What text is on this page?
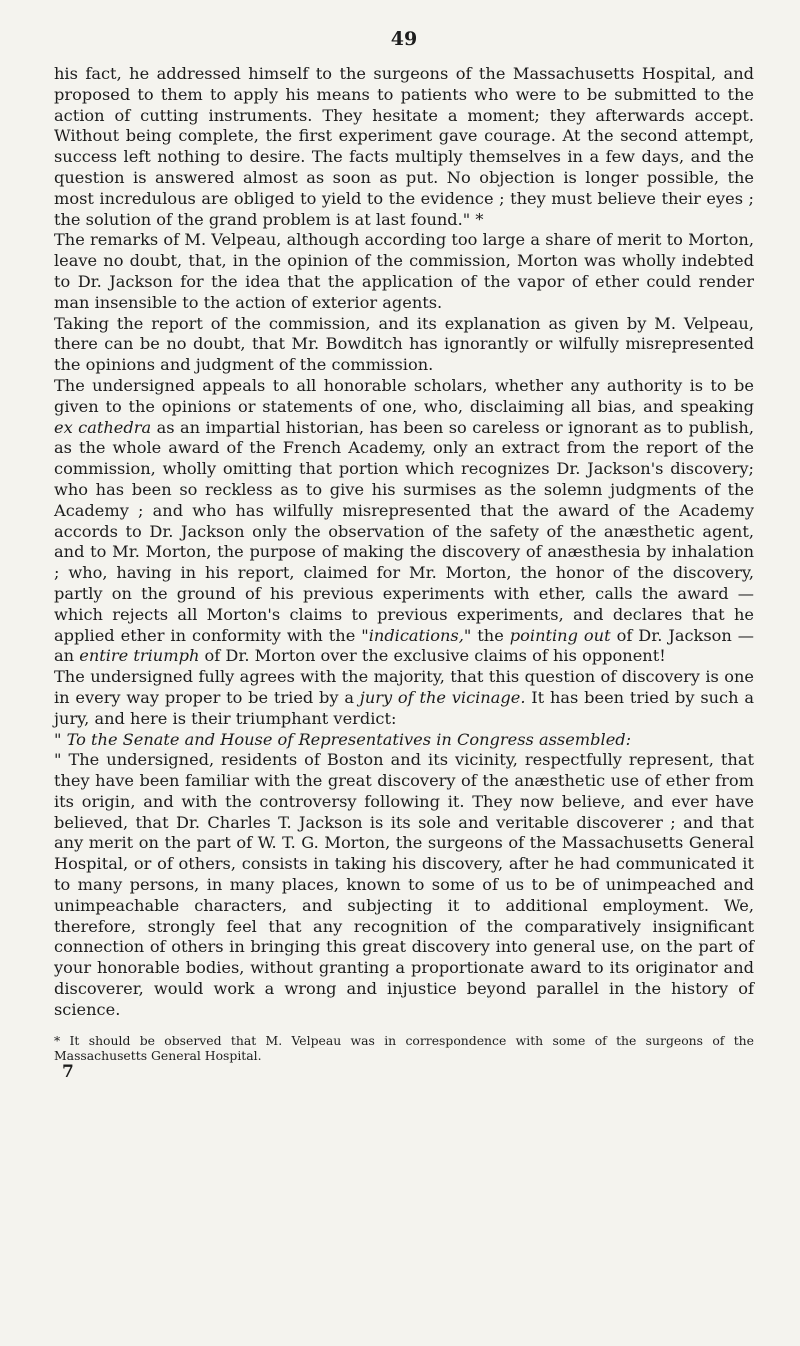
49

his fact, he addressed himself to the surgeons of the Massachusetts Hospital, and proposed to them to apply his means to patients who were to be submitted to the action of cutting instruments. They hesitate a moment; they afterwards accept. Without being complete, the first experiment gave courage. At the second attempt, success left nothing to desire. The facts multiply themselves in a few days, and the question is answered almost as soon as put. No objection is longer possible, the most incredulous are obliged to yield to the evidence ; they must believe their eyes ; the solution of the grand problem is at last found." *

The remarks of M. Velpeau, although according too large a share of merit to Morton, leave no doubt, that, in the opinion of the commission, Morton was wholly indebted to Dr. Jackson for the idea that the application of the vapor of ether could render man insensible to the action of exterior agents.

Taking the report of the commission, and its explanation as given by M. Velpeau, there can be no doubt, that Mr. Bowditch has ignorantly or wilfully misrepresented the opinions and judgment of the commission.

The undersigned appeals to all honorable scholars, whether any authority is to be given to the opinions or statements of one, who, disclaiming all bias, and speaking ex cathedra as an impartial historian, has been so careless or ignorant as to publish, as the whole award of the French Academy, only an extract from the report of the commission, wholly omitting that portion which recognizes Dr. Jackson's discovery; who has been so reckless as to give his surmises as the solemn judgments of the Academy ; and who has wilfully misrepresented that the award of the Academy accords to Dr. Jackson only the observation of the safety of the anæsthetic agent, and to Mr. Morton, the purpose of making the discovery of anæsthesia by inhalation ; who, having in his report, claimed for Mr. Morton, the honor of the discovery, partly on the ground of his previous experiments with ether, calls the award — which rejects all Morton's claims to previous experiments, and declares that he applied ether in conformity with the "indications," the pointing out of Dr. Jackson — an entire triumph of Dr. Morton over the exclusive claims of his opponent!

The undersigned fully agrees with the majority, that this question of discovery is one in every way proper to be tried by a jury of the vicinage. It has been tried by such a jury, and here is their triumphant verdict:

" To the Senate and House of Representatives in Congress assembled:

" The undersigned, residents of Boston and its vicinity, respectfully represent, that they have been familiar with the great discovery of the anæsthetic use of ether from its origin, and with the controversy following it. They now believe, and ever have believed, that Dr. Charles T. Jackson is its sole and veritable discoverer ; and that any merit on the part of W. T. G. Morton, the surgeons of the Massachusetts General Hospital, or of others, consists in taking his discovery, after he had communicated it to many persons, in many places, known to some of us to be of unimpeached and unimpeachable characters, and subjecting it to additional employment. We, therefore, strongly feel that any recognition of the comparatively insignificant connection of others in bringing this great discovery into general use, on the part of your honorable bodies, without granting a proportionate award to its originator and discoverer, would work a wrong and injustice beyond parallel in the history of science.

* It should be observed that M. Velpeau was in correspondence with some of the surgeons of the Massachusetts General Hospital.
7
